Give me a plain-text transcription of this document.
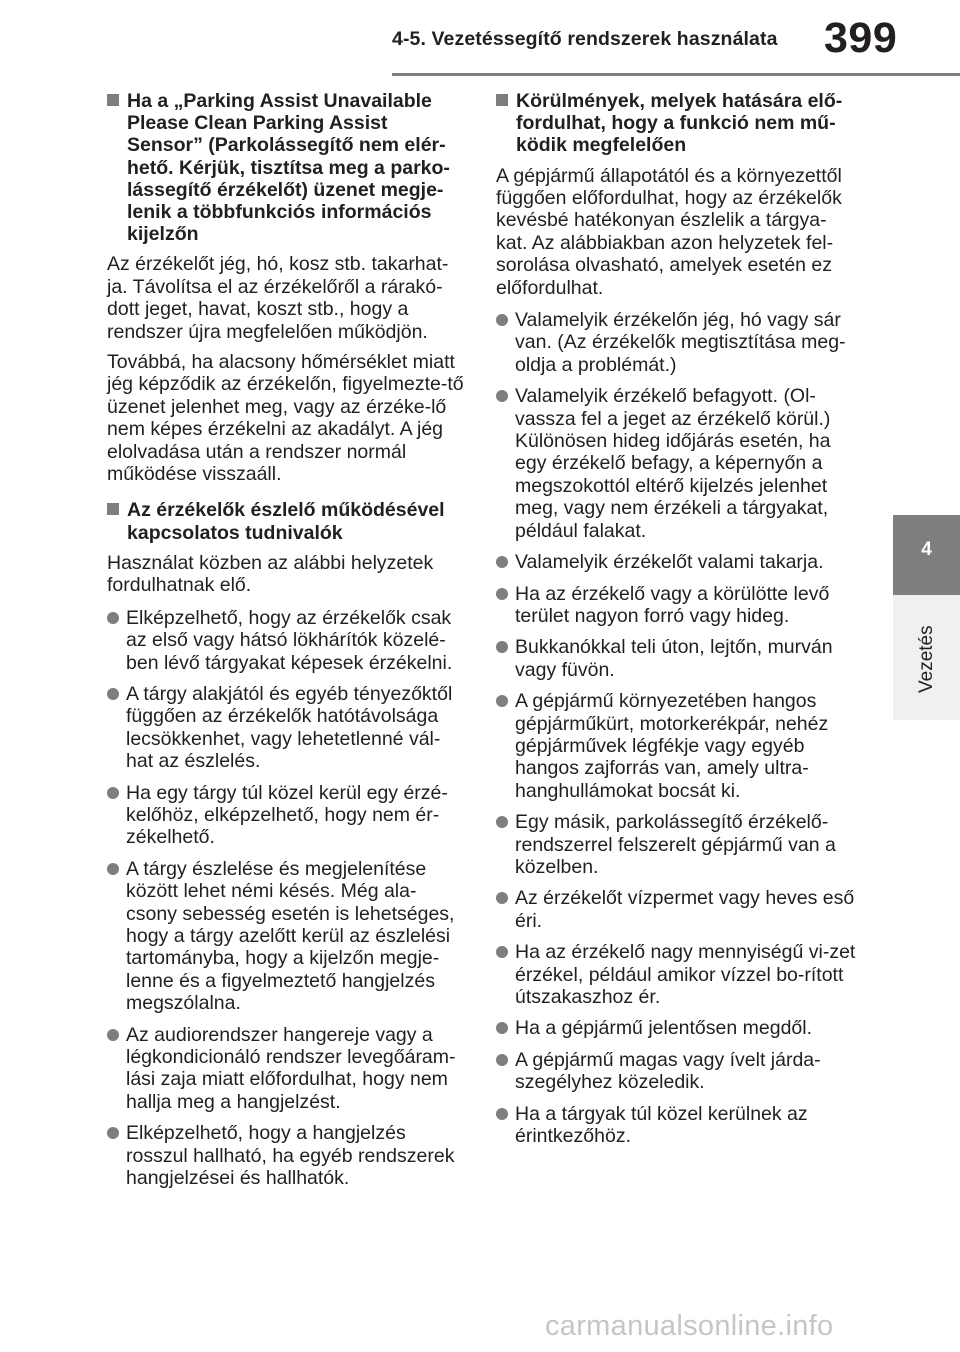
4-5. Vezetéssegítő rendszerek használata 399
4
Vezetés
Ha a „Parking Assist Unavailable Please Clean Parking Assist Sensor” (Parkolássegítő nem elér-hető. Kérjük, tisztítsa meg a parko-lássegítő érzékelőt) üzenet megje-lenik a többfunkciós információs kijelzőn

Az érzékelőt jég, hó, kosz stb. takarhat-ja. Távolítsa el az érzékelőről a rárakó-dott jeget, havat, koszt stb., hogy a rendszer újra megfelelően működjön.

Továbbá, ha alacsony hőmérséklet miatt jég képződik az érzékelőn, figyelmezte-tő üzenet jelenhet meg, vagy az érzéke-lő nem képes érzékelni az akadályt. A jég elolvadása után a rendszer normál működése visszaáll.

Az érzékelők észlelő működésével kapcsolatos tudnivalók

Használat közben az alábbi helyzetek fordulhatnak elő.

Elképzelhető, hogy az érzékelők csak az első vagy hátsó lökhárítók közelé-ben lévő tárgyakat képesek érzékelni.
A tárgy alakjától és egyéb tényezőktől függően az érzékelők hatótávolsága lecsökkenhet, vagy lehetetlenné vál-hat az észlelés.
Ha egy tárgy túl közel kerül egy érzé-kelőhöz, elképzelhető, hogy nem ér-zékelhető.
A tárgy észlelése és megjelenítése között lehet némi késés. Még ala-csony sebesség esetén is lehetséges, hogy a tárgy azelőtt kerül az észlelési tartományba, hogy a kijelzőn megje-lenne és a figyelmeztető hangjelzés megszólalna.
Az audiorendszer hangereje vagy a légkondicionáló rendszer levegőáram-lási zaja miatt előfordulhat, hogy nem hallja meg a hangjelzést.
Elképzelhető, hogy a hangjelzés rosszul hallható, ha egyéb rendszerek hangjelzései és hallhatók.
Körülmények, melyek hatására elő-fordulhat, hogy a funkció nem mű-ködik megfelelően

A gépjármű állapotától és a környezettől függően előfordulhat, hogy az érzékelők kevésbé hatékonyan észlelik a tárgya-kat. Az alábbiakban azon helyzetek fel-sorolása olvasható, amelyek esetén ez előfordulhat.

Valamelyik érzékelőn jég, hó vagy sár van. (Az érzékelők megtisztítása meg-oldja a problémát.)
Valamelyik érzékelő befagyott. (Ol-vassza fel a jeget az érzékelő körül.) Különösen hideg időjárás esetén, ha egy érzékelő befagy, a képernyőn a megszokottól eltérő kijelzés jelenhet meg, vagy nem érzékeli a tárgyakat, például falakat.
Valamelyik érzékelőt valami takarja.
Ha az érzékelő vagy a körülötte levő terület nagyon forró vagy hideg.
Bukkanókkal teli úton, lejtőn, murván vagy füvön.
A gépjármű környezetében hangos gépjárműkürt, motorkerékpár, nehéz gépjárművek légfékje vagy egyéb hangos zajforrás van, amely ultra-hanghullámokat bocsát ki.
Egy másik, parkolássegítő érzékelő-rendszerrel felszerelt gépjármű van a közelben.
Az érzékelőt vízpermet vagy heves eső éri.
Ha az érzékelő nagy mennyiségű vi-zet érzékel, például amikor vízzel bo-rított útszakaszhoz ér.
Ha a gépjármű jelentősen megdől.
A gépjármű magas vagy ívelt járda-szegélyhez közeledik.
Ha a tárgyak túl közel kerülnek az érintkezőhöz.
carmanualsonline.info
